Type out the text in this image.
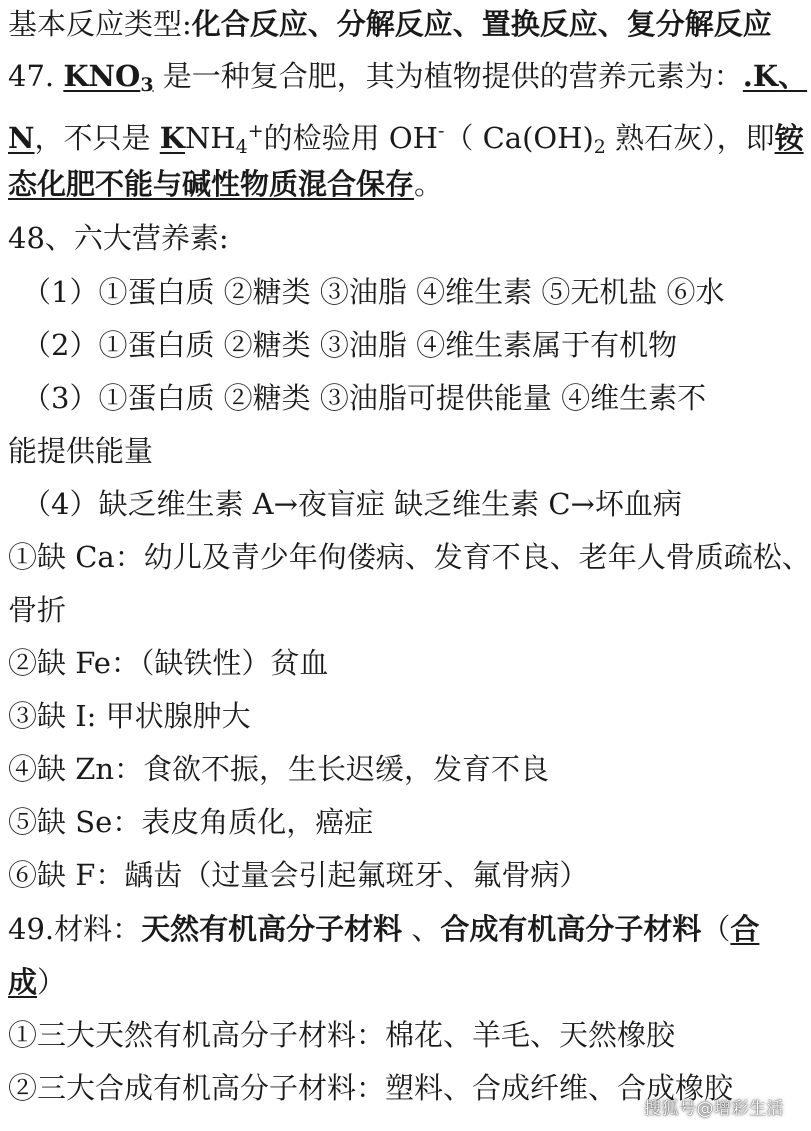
基本反应类型:化合反应、分解反应、置换反应、复分解反应
47. $KNO_3$ 是一种复合肥，其为植物提供的营养元素为：.K、
N，不只是 $KNH_4^+$的检验用 OH-（ $Ca(OH)_2$ 熟石灰），即铵
态化肥不能与碱性物质混合保存。
48、六大营养素:
（1）①蛋白质 ②糖类 ③油脂 ④维生素 ⑤无机盐 ⑥水
（2）①蛋白质 ②糖类 ③油脂 ④维生素属于有机物
（3）①蛋白质 ②糖类 ③油脂可提供能量 ④维生素不
能提供能量
（4）缺乏维生素 A→夜盲症 缺乏维生素 C→坏血病
①缺 Ca：幼儿及青少年佝偻病、发育不良、老年人骨质疏松、
骨折
②缺 Fe：（缺铁性）贫血
③缺 I: 甲状腺肿大
④缺 Zn：食欲不振，生长迟缓，发育不良
⑤缺 Se：表皮角质化，癌症
⑥缺 F：龋齿（过量会引起氟斑牙、氟骨病）
49.材料：天然有机高分子材料 、合成有机高分子材料（合
成）
①三大天然有机高分子材料：棉花、羊毛、天然橡胶
②三大合成有机高分子材料：塑料、合成纤维、合成橡胶
搜狐号@增彩生活
